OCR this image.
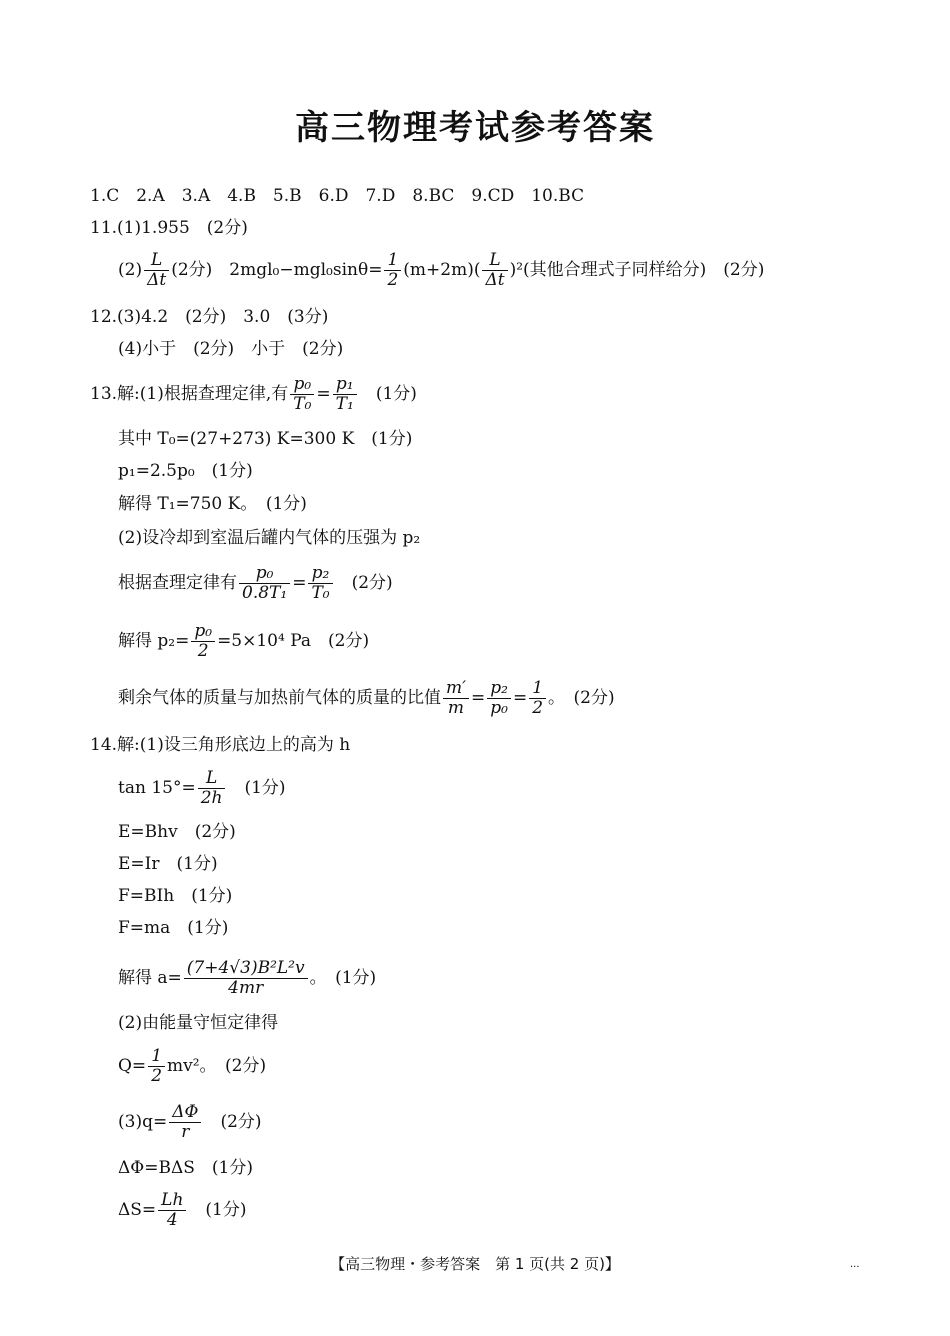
高三物理考试参考答案
1.C　2.A　3.A　4.B　5.B　6.D　7.D　8.BC　9.CD　10.BC
11.(1)1.955　(2分)
$(2) \frac{L}{\Delta t} (2$分)　$2mgl_0-mgl_0\sin\theta= \frac{1}{2} (m+2m)( \frac{L}{\Delta t} )^2$(其他合理式子同样给分)　(2分)
12.(3)4.2　(2分)　3.0　(3分)
(4)小于　(2分)　小于　(2分)
13.解:(1)根据查理定律,有 $\frac{\text{p₀}}{\text{T₀}} = \frac{\text{p₁}}{\text{T₁}}$
　 (1分)
其中 T₀=(27+273) K=300 K　(1分)
p₁=2.5p₀　(1分)
解得 T₁=750 K。　(1分)
(2)设冷却到室温后罐内气体的压强为 p₂
根据查理定律有 $\frac{\text{p₀}}{\text{0.8T₁}} = \frac{\text{p₂}}{\text{T₀}}$
　 (2分)
解得 $p_2= \frac{\text{p₀}}{2} =5\times 10^4$ Pa　(2分)
剩余气体的质量与加热前气体的质量的比值 $\frac{m'}{m} = \frac{\text{p₂}}{\text{p₀}} = \frac{1}{2}$ 。　(2分)
14.解:(1)设三角形底边上的高为 h
$\tan 15^\circ= \frac{L}{2h}$
　 (1分)
E=Bhv　(2分)
E=Ir　(1分)
F=BIh　(1分)
F=ma　(1分)
解得 $a= \frac{\text{(7+4√3)B²L²v}}{4mr}$ 。　(1分)
(2)由能量守恒定律得
$Q= \frac{1}{2} mv^2$。　(2分)
$(3)q= \frac{\Delta\Phi}{r}$
　 (2分)
ΔΦ=BΔS　(1分)
$\Delta S= \frac{Lh}{4}$
　 (1分)
【高三物理・参考答案　第 1 页(共 2 页)】	···
